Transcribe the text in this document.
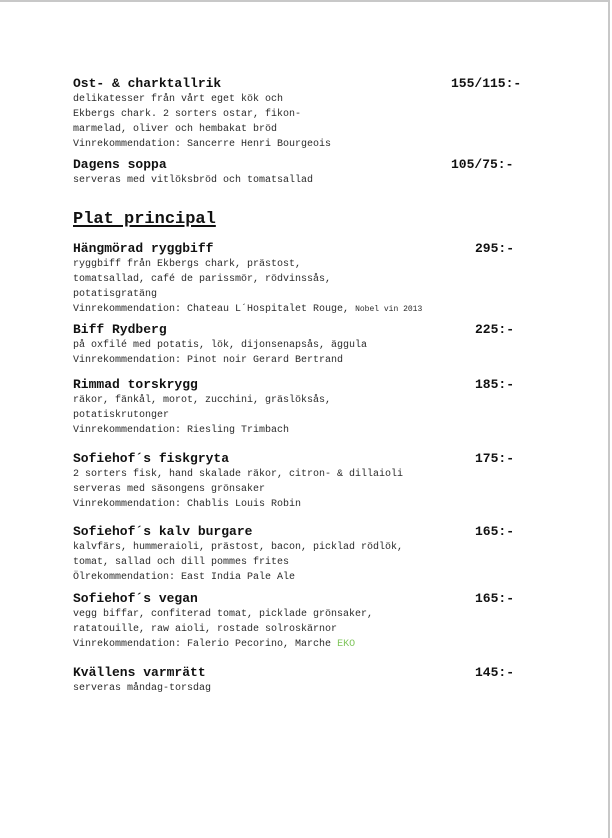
Ost- & charktallrik	155/115:-
delikatesser från vårt eget kök och
Ekbergs chark. 2 sorters ostar, fikon-
marmelad, oliver och hembakat bröd
Vinrekommendation: Sancerre Henri Bourgeois
Dagens soppa	105/75:-
serveras med vitlöksbröd och tomatsallad
Plat principal
Hängmörad ryggbiff	295:-
ryggbiff från Ekbergs chark, prästost,
tomatsallad, café de parissmör, rödvinssås,
potatisgratäng
Vinrekommendation: Chateau L´Hospitalet Rouge, Nobel vin 2013
Biff Rydberg	225:-
på oxfilé med potatis, lök, dijonsenapsås, äggula
Vinrekommendation: Pinot noir Gerard Bertrand
Rimmad torskrygg	185:-
räkor, fänkål, morot, zucchini, gräslöksås,
potatiskrutonger
Vinrekommendation: Riesling Trimbach
Sofiehof´s fiskgryta	175:-
2 sorters fisk, hand skalade räkor, citron- & dillaioli
serveras med säsongens grönsaker
Vinrekommendation: Chablis Louis Robin
Sofiehof´s kalv burgare	165:-
kalvfärs, hummeraioli, prästost, bacon, picklad rödlök,
tomat, sallad och dill pommes frites
Ölrekommendation: East India Pale Ale
Sofiehof´s vegan	165:-
vegg biffar, confiterad tomat, picklade grönsaker,
ratatouille, raw aioli, rostade solroskärnor
Vinrekommendation: Falerio Pecorino, Marche EKO
Kvällens varmrätt	145:-
serveras måndag-torsdag
